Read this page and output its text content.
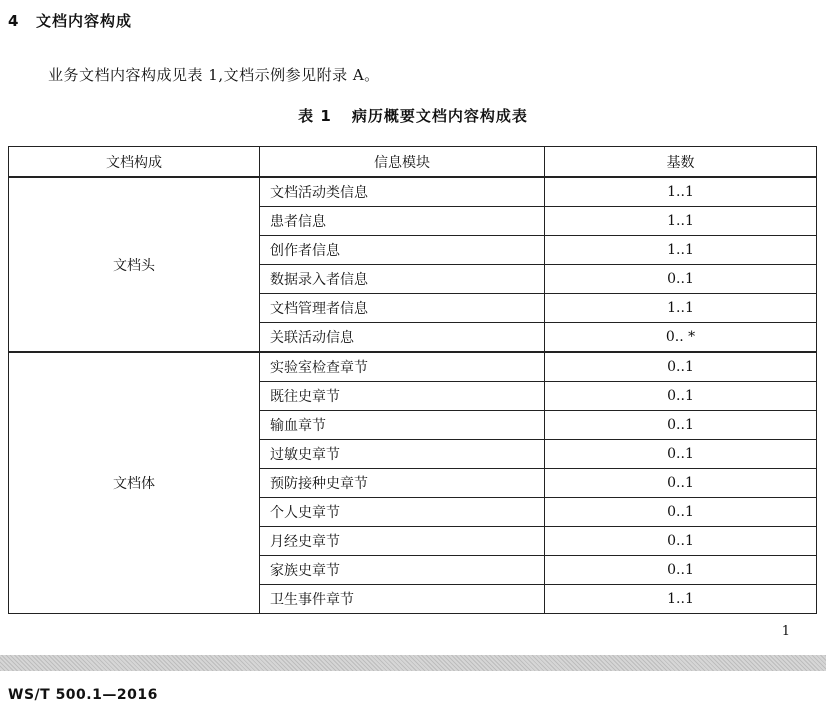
4 文档内容构成
业务文档内容构成见表 1,文档示例参见附录 A。
表 1 病历概要文档内容构成表
文档构成	信息模块	基数
文档头	文档活动类信息	1..1
	患者信息	1..1
	创作者信息	1..1
	数据录入者信息	0..1
	文档管理者信息	1..1
	关联活动信息	0.. *
文档体	实验室检查章节	0..1
	既往史章节	0..1
	输血章节	0..1
	过敏史章节	0..1
	预防接种史章节	0..1
	个人史章节	0..1
	月经史章节	0..1
	家族史章节	0..1
	卫生事件章节	1..1
1
WS/T 500.1—2016
